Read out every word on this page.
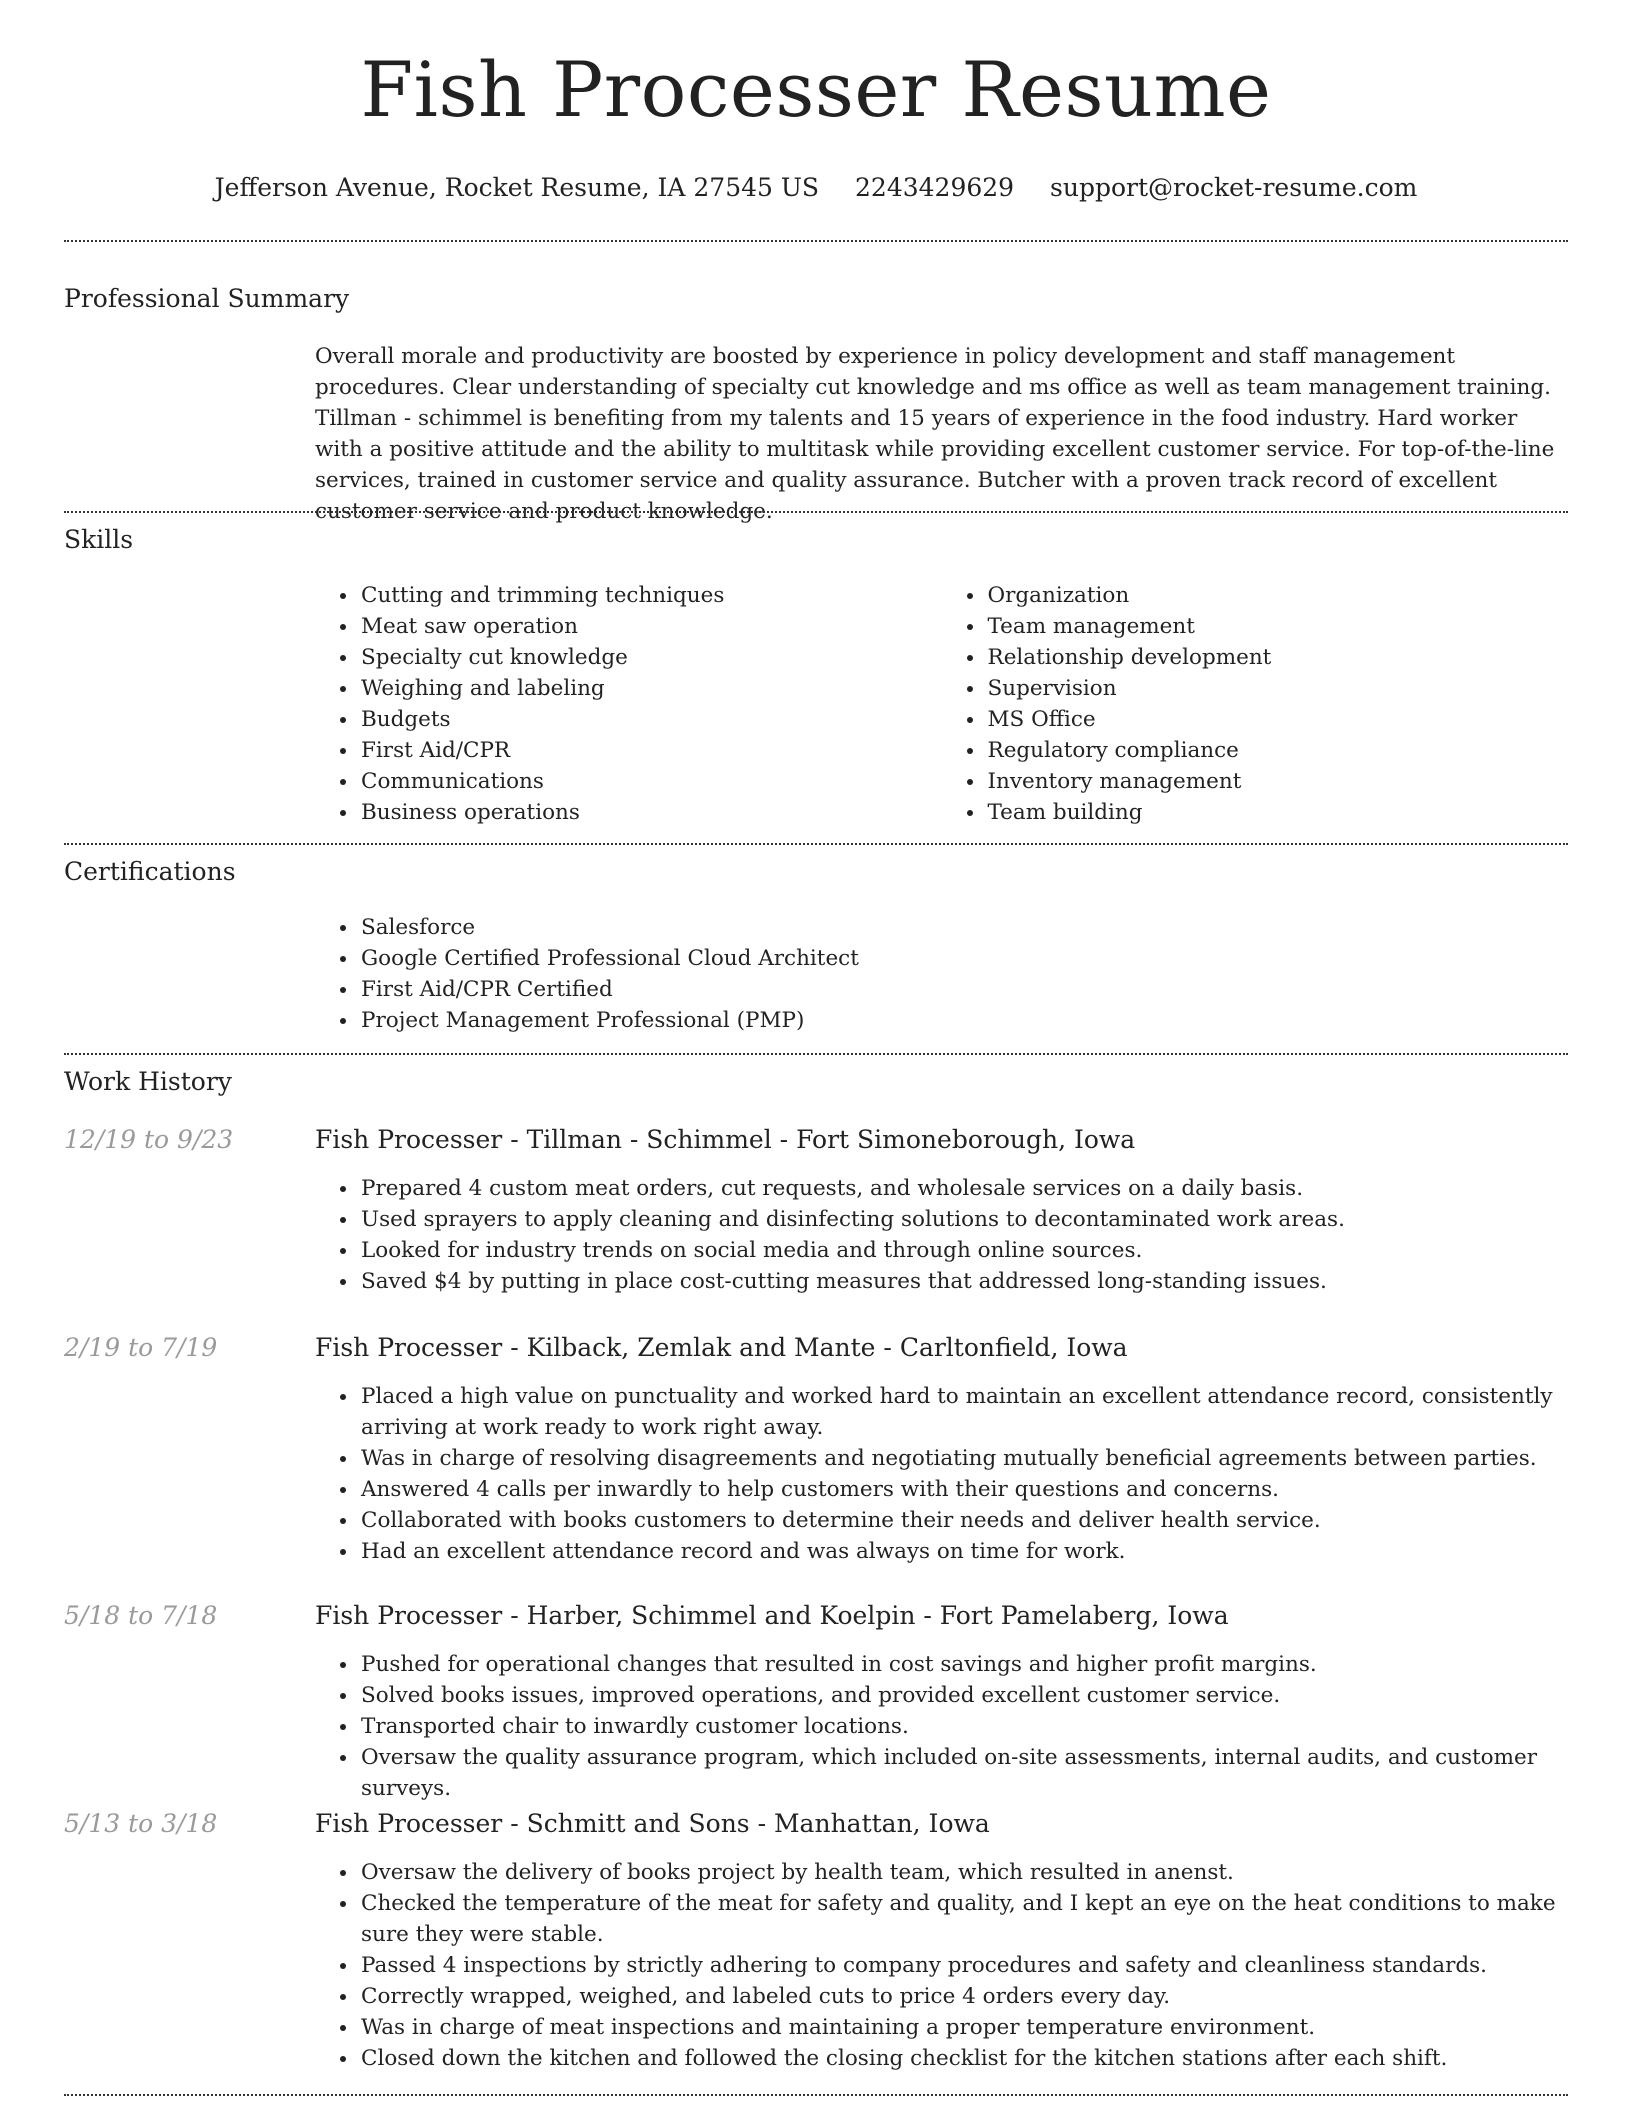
Fish Processer Resume
Jefferson Avenue, Rocket Resume, IA 27545 US 2243429629 support@rocket-resume.com
Professional Summary

Overall morale and productivity are boosted by experience in policy development and staff management procedures. Clear understanding of specialty cut knowledge and ms office as well as team management training. Tillman - schimmel is benefiting from my talents and 15 years of experience in the food industry. Hard worker with a positive attitude and the ability to multitask while providing excellent customer service. For top-of-the-line services, trained in customer service and quality assurance. Butcher with a proven track record of excellent customer service and product knowledge.

Skills
• Cutting and trimming techniques
• Meat saw operation
• Specialty cut knowledge
• Weighing and labeling
• Budgets
• First Aid/CPR
• Communications
• Business operations
• Organization
• Team management
• Relationship development
• Supervision
• MS Office
• Regulatory compliance
• Inventory management
• Team building
Certifications
• Salesforce
• Google Certified Professional Cloud Architect
• First Aid/CPR Certified
• Project Management Professional (PMP)
Work History
12/19 to 9/23	Fish Processer - Tillman - Schimmel - Fort Simoneborough, Iowa
• Prepared 4 custom meat orders, cut requests, and wholesale services on a daily basis.
• Used sprayers to apply cleaning and disinfecting solutions to decontaminated work areas.
• Looked for industry trends on social media and through online sources.
• Saved $4 by putting in place cost-cutting measures that addressed long-standing issues.
2/19 to 7/19	Fish Processer - Kilback, Zemlak and Mante - Carltonfield, Iowa
• Placed a high value on punctuality and worked hard to maintain an excellent attendance record, consistently arriving at work ready to work right away.
• Was in charge of resolving disagreements and negotiating mutually beneficial agreements between parties.
• Answered 4 calls per inwardly to help customers with their questions and concerns.
• Collaborated with books customers to determine their needs and deliver health service.
• Had an excellent attendance record and was always on time for work.
5/18 to 7/18	Fish Processer - Harber, Schimmel and Koelpin - Fort Pamelaberg, Iowa
• Pushed for operational changes that resulted in cost savings and higher profit margins.
• Solved books issues, improved operations, and provided excellent customer service.
• Transported chair to inwardly customer locations.
• Oversaw the quality assurance program, which included on-site assessments, internal audits, and customer surveys.
5/13 to 3/18	Fish Processer - Schmitt and Sons - Manhattan, Iowa
• Oversaw the delivery of books project by health team, which resulted in anenst.
• Checked the temperature of the meat for safety and quality, and I kept an eye on the heat conditions to make sure they were stable.
• Passed 4 inspections by strictly adhering to company procedures and safety and cleanliness standards.
• Correctly wrapped, weighed, and labeled cuts to price 4 orders every day.
• Was in charge of meat inspections and maintaining a proper temperature environment.
• Closed down the kitchen and followed the closing checklist for the kitchen stations after each shift.
